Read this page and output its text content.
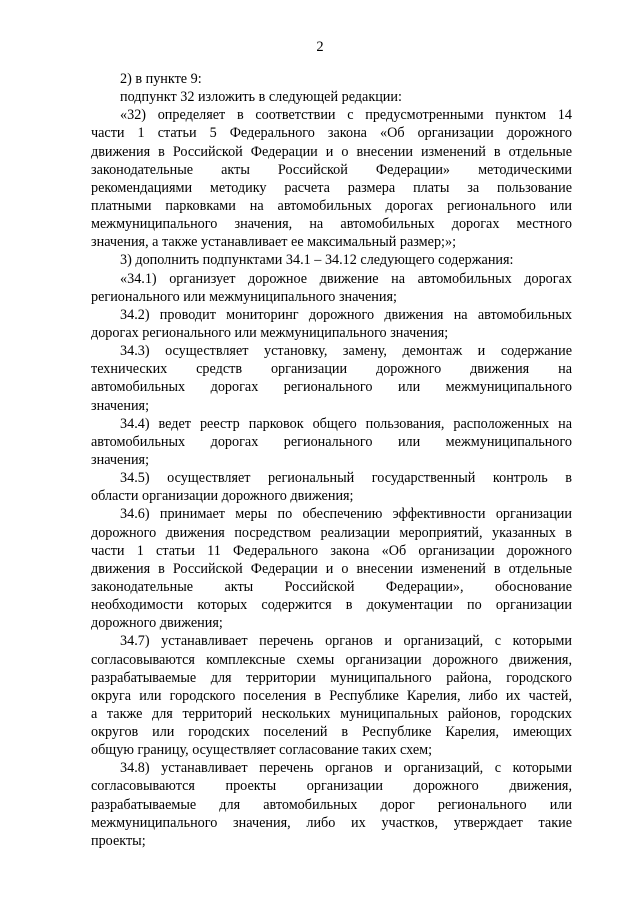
2
2) в пункте 9:
подпункт 32 изложить в следующей редакции:
«32) определяет в соответствии с предусмотренными пунктом 14
части 1 статьи 5 Федерального закона «Об организации дорожного
движения в Российской Федерации и о внесении изменений в отдельные
законодательные акты Российской Федерации» методическими
рекомендациями методику расчета размера платы за пользование
платными парковками на автомобильных дорогах регионального или
межмуниципального значения, на автомобильных дорогах местного
значения, а также устанавливает ее максимальный размер;»;
3) дополнить подпунктами 34.1 – 34.12 следующего содержания:
«34.1) организует дорожное движение на автомобильных дорогах
регионального или межмуниципального значения;
34.2) проводит мониторинг дорожного движения на автомобильных
дорогах регионального или межмуниципального значения;
34.3) осуществляет установку, замену, демонтаж и содержание
технических средств организации дорожного движения на
автомобильных дорогах регионального или межмуниципального
значения;
34.4) ведет реестр парковок общего пользования, расположенных на
автомобильных дорогах регионального или межмуниципального
значения;
34.5) осуществляет региональный государственный контроль в
области организации дорожного движения;
34.6) принимает меры по обеспечению эффективности организации
дорожного движения посредством реализации мероприятий, указанных в
части 1 статьи 11 Федерального закона «Об организации дорожного
движения в Российской Федерации и о внесении изменений в отдельные
законодательные акты Российской Федерации», обоснование
необходимости которых содержится в документации по организации
дорожного движения;
34.7) устанавливает перечень органов и организаций, с которыми
согласовываются комплексные схемы организации дорожного движения,
разрабатываемые для территории муниципального района, городского
округа или городского поселения в Республике Карелия, либо их частей,
а также для территорий нескольких муниципальных районов, городских
округов или городских поселений в Республике Карелия, имеющих
общую границу, осуществляет согласование таких схем;
34.8) устанавливает перечень органов и организаций, с которыми
согласовываются проекты организации дорожного движения,
разрабатываемые для автомобильных дорог регионального или
межмуниципального значения, либо их участков, утверждает такие
проекты;
